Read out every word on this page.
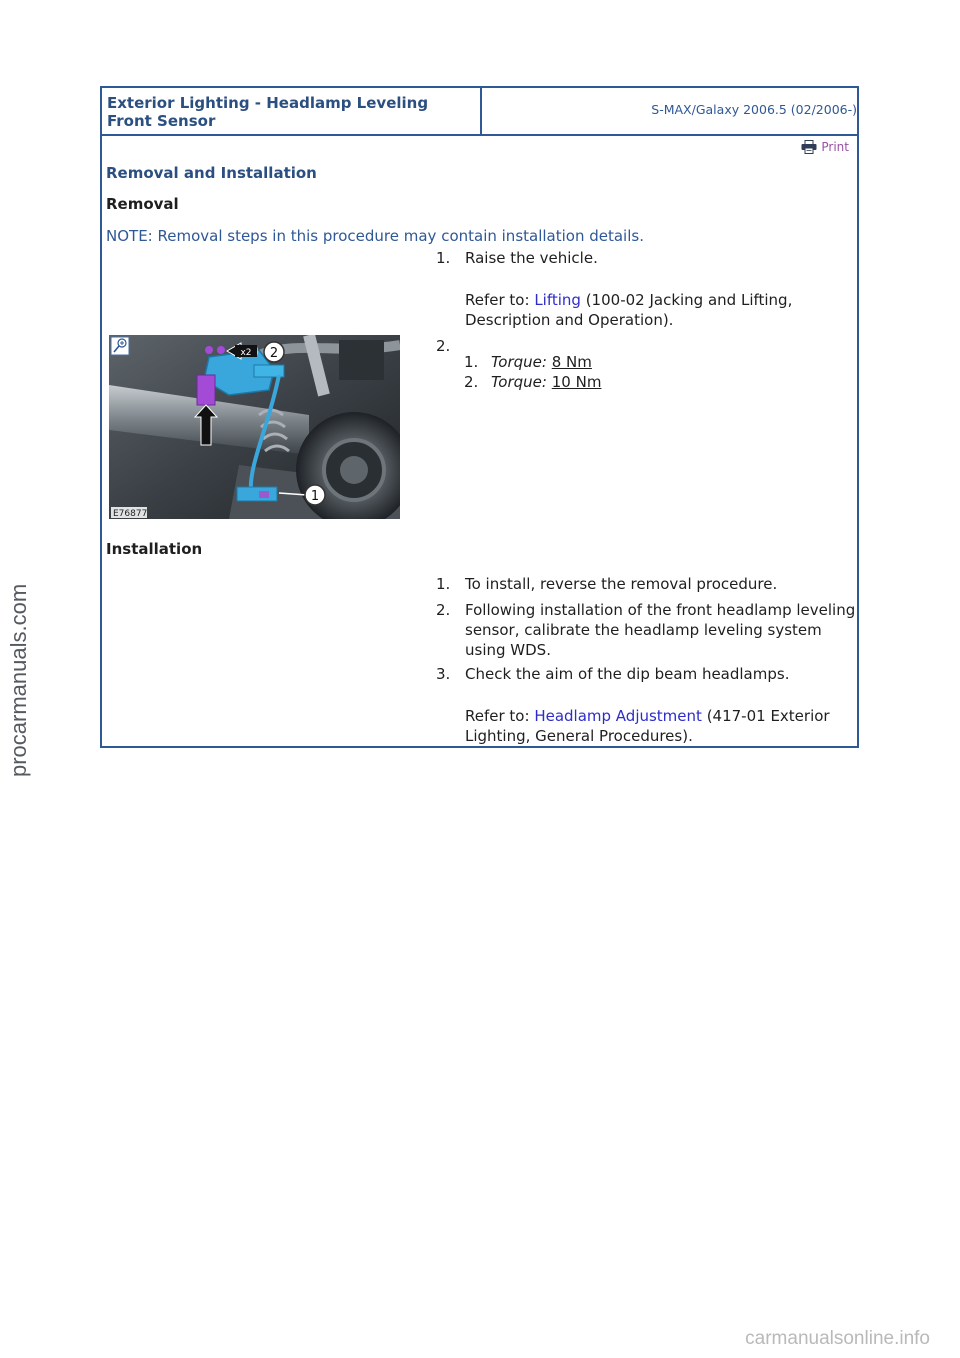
Exterior Lighting - Headlamp Leveling Front Sensor
S-MAX/Galaxy 2006.5 (02/2006-)
Print
Removal and Installation
Removal
NOTE: Removal steps in this procedure may contain installation details.
1. Raise the vehicle.
Refer to: Lifting (100-02 Jacking and Lifting, Description and Operation).
x2
1
2
E76877
2.
1. Torque: 8 Nm
2. Torque: 10 Nm
Installation
1. To install, reverse the removal procedure.
2. Following installation of the front headlamp leveling sensor, calibrate the headlamp leveling system using WDS.
3. Check the aim of the dip beam headlamps.
Refer to: Headlamp Adjustment (417-01 Exterior Lighting, General Procedures).
procarmanuals.com
carmanualsonline.info
